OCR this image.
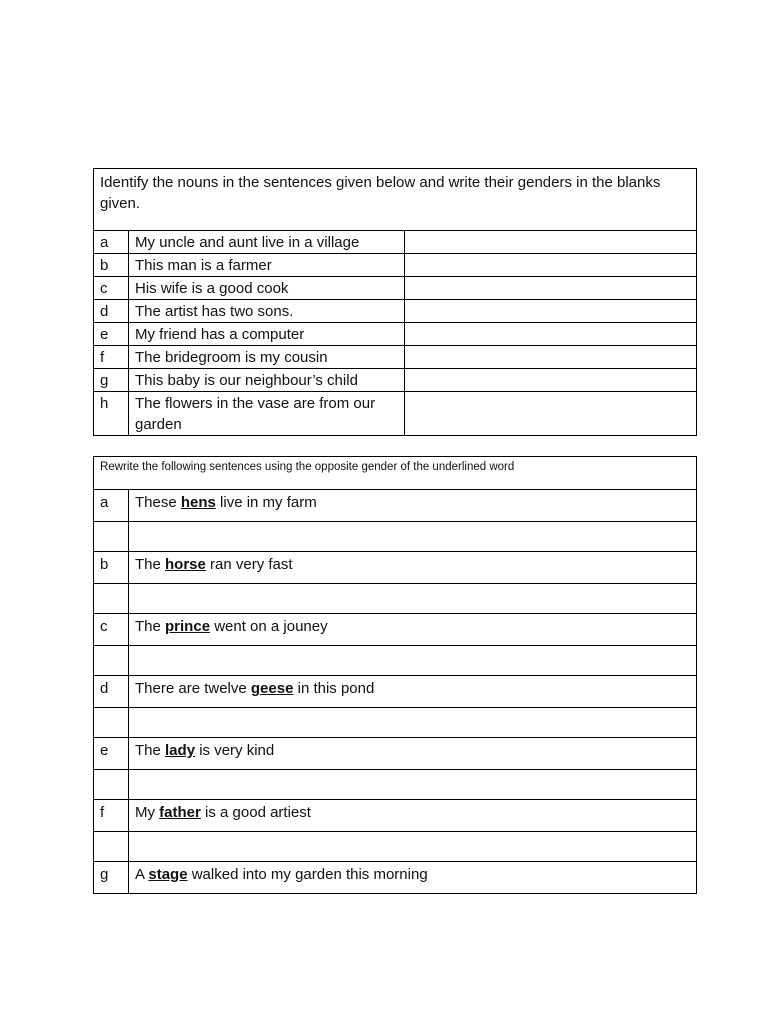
Identify the nouns in the sentences given below and write their genders in the blanks given.		
a	My uncle and aunt live in a village	
b	This man is a farmer	
c	His wife is a good cook	
d	The artist has two sons.	
e	My friend has a computer	
f	The bridegroom is my cousin	
g	This baby is our neighbour’s child	
h	The flowers in the vase are from our garden	
Rewrite the following sentences using the opposite gender of the underlined word	
a	These hens live in my farm

b	The horse ran very fast

c	The prince went on a jouney

d	There are twelve geese in this pond

e	The lady is very kind

f	My father is a good artiest

g	A stage walked into my garden this morning
